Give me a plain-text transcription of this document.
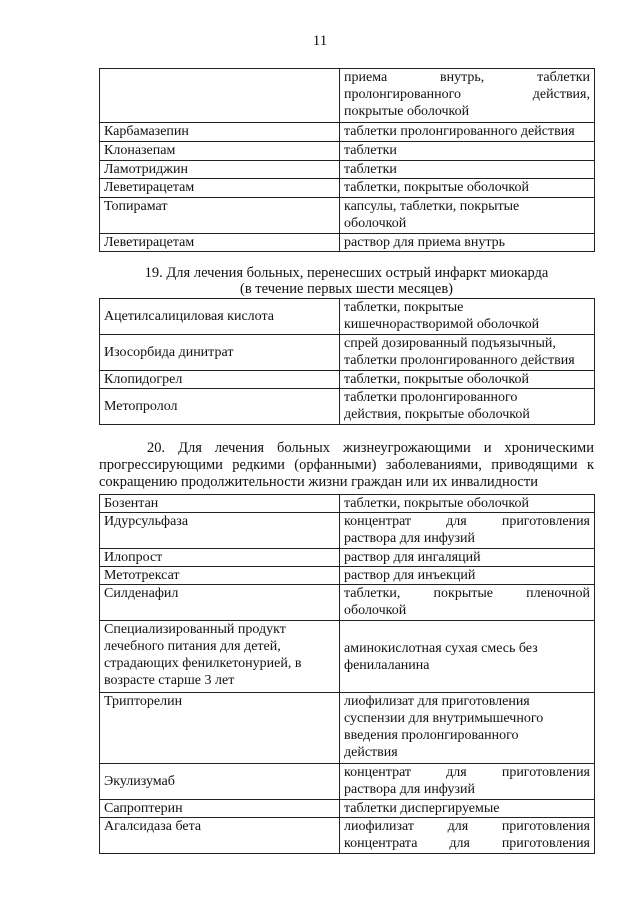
11

	приема внутрь, таблетки
пролонгированного действия,
покрытые оболочкой

Карбамазепин	таблетки пролонгированного действия
Клоназепам	таблетки
Ламотриджин	таблетки
Леветирацетам	таблетки, покрытые оболочкой
Топирамат	капсулы, таблетки, покрытые
оболочкой

Леветирацетам	раствор для приема внутрь
19. Для лечения больных, перенесших острый инфаркт миокарда
(в течение первых шести месяцев)
Ацетилсалициловая кислота	таблетки, покрытые
кишечнорастворимой оболочкой

Изосорбида динитрат	спрей дозированный подъязычный,
таблетки пролонгированного действия

Клопидогрел	таблетки, покрытые оболочкой
Метопролол	таблетки пролонгированного
действия, покрытые оболочкой
20. Для лечения больных жизнеугрожающими и хроническими
прогрессирующими редкими (орфанными) заболеваниями, приводящими к
сокращению продолжительности жизни граждан или их инвалидности
Бозентан	таблетки, покрытые оболочкой
Идурсульфаза	концентрат для приготовления
раствора для инфузий

Илопрост	раствор для ингаляций
Метотрексат	раствор для инъекций
Силденафил	таблетки, покрытые пленочной
оболочкой

Специализированный продукт
лечебного питания для детей,
страдающих фенилкетонурией, в
возрасте старше 3 лет	аминокислотная сухая смесь без
фенилаланина

Трипторелин	лиофилизат для приготовления
суспензии для внутримышечного
введения пролонгированного
действия

Экулизумаб	концентрат для приготовления
раствора для инфузий

Сапроптерин	таблетки диспергируемые
Агалсидаза бета	лиофилизат для приготовления
концентрата для приготовления
